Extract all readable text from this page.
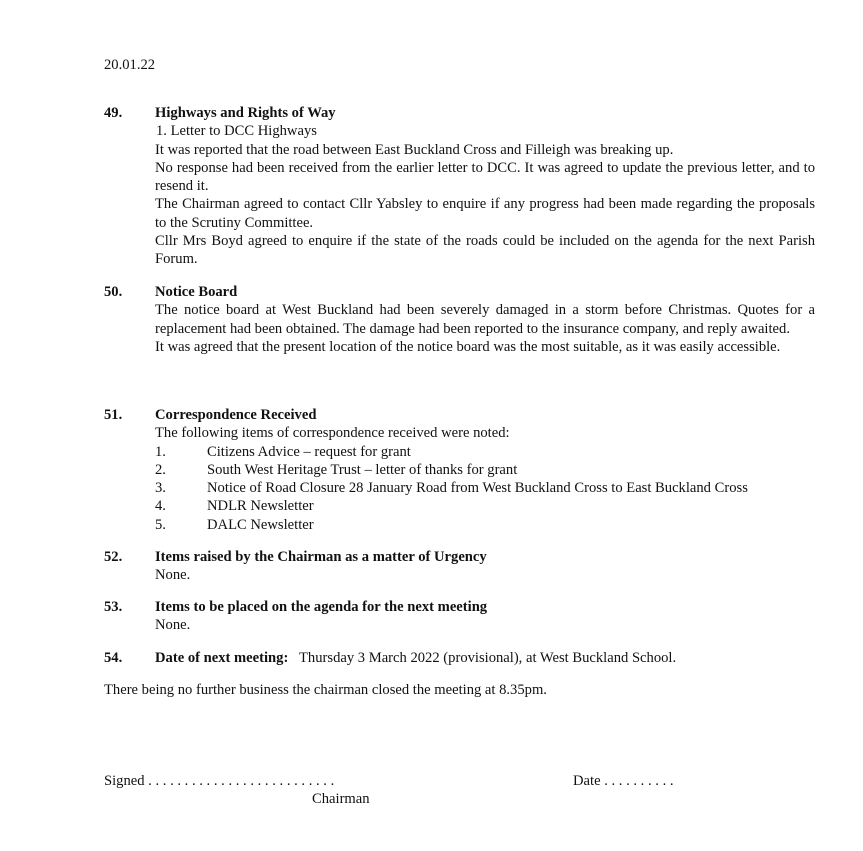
20.01.22
49. Highways and Rights of Way
1. Letter to DCC Highways
It was reported that the road between East Buckland Cross and Filleigh was breaking up.
No response had been received from the earlier letter to DCC. It was agreed to update the previous letter, and to resend it.
The Chairman agreed to contact Cllr Yabsley to enquire if any progress had been made regarding the proposals to the Scrutiny Committee.
Cllr Mrs Boyd agreed to enquire if the state of the roads could be included on the agenda for the next Parish Forum.
50. Notice Board
The notice board at West Buckland had been severely damaged in a storm before Christmas. Quotes for a replacement had been obtained. The damage had been reported to the insurance company, and reply awaited.
It was agreed that the present location of the notice board was the most suitable, as it was easily accessible.
51. Correspondence Received
The following items of correspondence received were noted:
1.	Citizens Advice – request for grant
2.	South West Heritage Trust – letter of thanks for grant
3.	Notice of Road Closure 28 January Road from West Buckland Cross to East Buckland Cross
4.	NDLR Newsletter
5.	DALC Newsletter
52. Items raised by the Chairman as a matter of Urgency
None.
53. Items to be placed on the agenda for the next meeting
None.
54. Date of next meeting: Thursday 3 March 2022 (provisional), at West Buckland School.
There being no further business the chairman closed the meeting at 8.35pm.
Signed . . . . . . . . . . . . . . . . . . . . . . . . . .	Date . . . . . . . . . .
Chairman
